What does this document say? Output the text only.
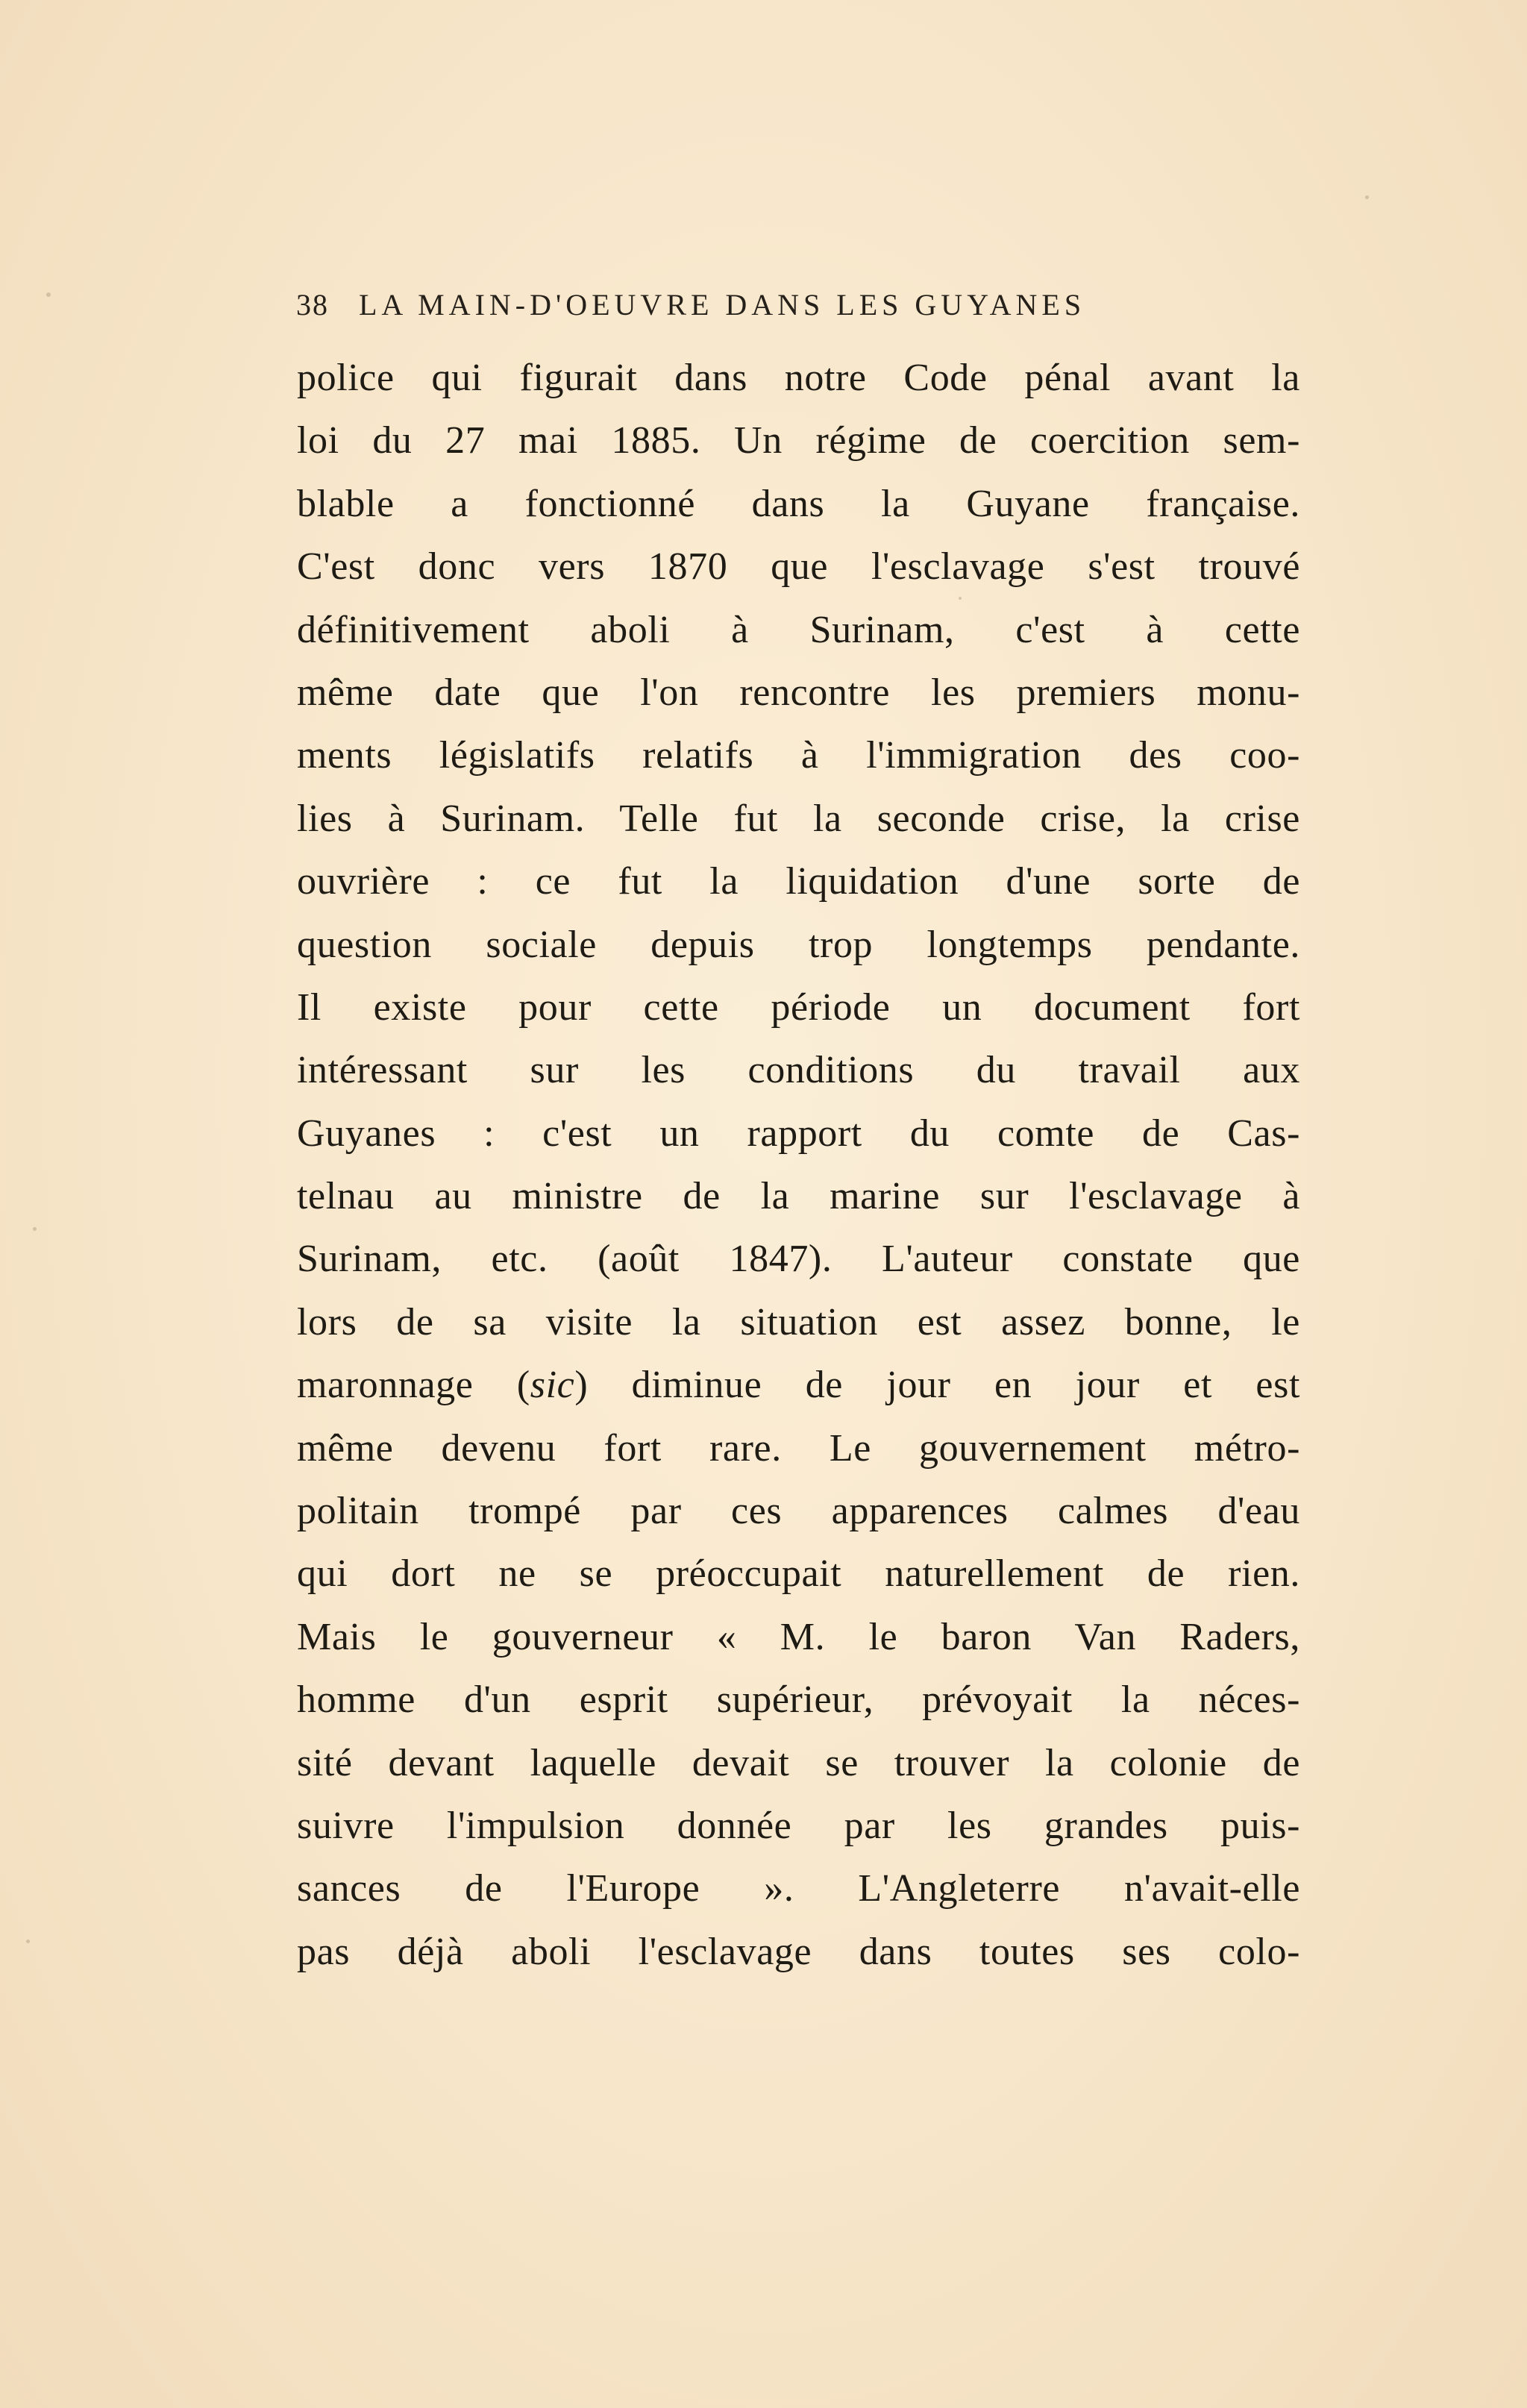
38 LA MAIN-D'OEUVRE DANS LES GUYANES
police qui figurait dans notre Code pénal avant la
loi du 27 mai 1885. Un régime de coercition sem-
blable a fonctionné dans la Guyane française.
C'est donc vers 1870 que l'esclavage s'est trouvé
définitivement aboli à Surinam, c'est à cette
même date que l'on rencontre les premiers monu-
ments législatifs relatifs à l'immigration des coo-
lies à Surinam. Telle fut la seconde crise, la crise
ouvrière : ce fut la liquidation d'une sorte de
question sociale depuis trop longtemps pendante.
Il existe pour cette période un document fort
intéressant sur les conditions du travail aux
Guyanes : c'est un rapport du comte de Cas-
telnau au ministre de la marine sur l'esclavage à
Surinam, etc. (août 1847). L'auteur constate que
lors de sa visite la situation est assez bonne, le
maronnage (sic) diminue de jour en jour et est
même devenu fort rare. Le gouvernement métro-
politain trompé par ces apparences calmes d'eau
qui dort ne se préoccupait naturellement de rien.
Mais le gouverneur « M. le baron Van Raders,
homme d'un esprit supérieur, prévoyait la néces-
sité devant laquelle devait se trouver la colonie de
suivre l'impulsion donnée par les grandes puis-
sances de l'Europe ». L'Angleterre n'avait-elle
pas déjà aboli l'esclavage dans toutes ses colo-
